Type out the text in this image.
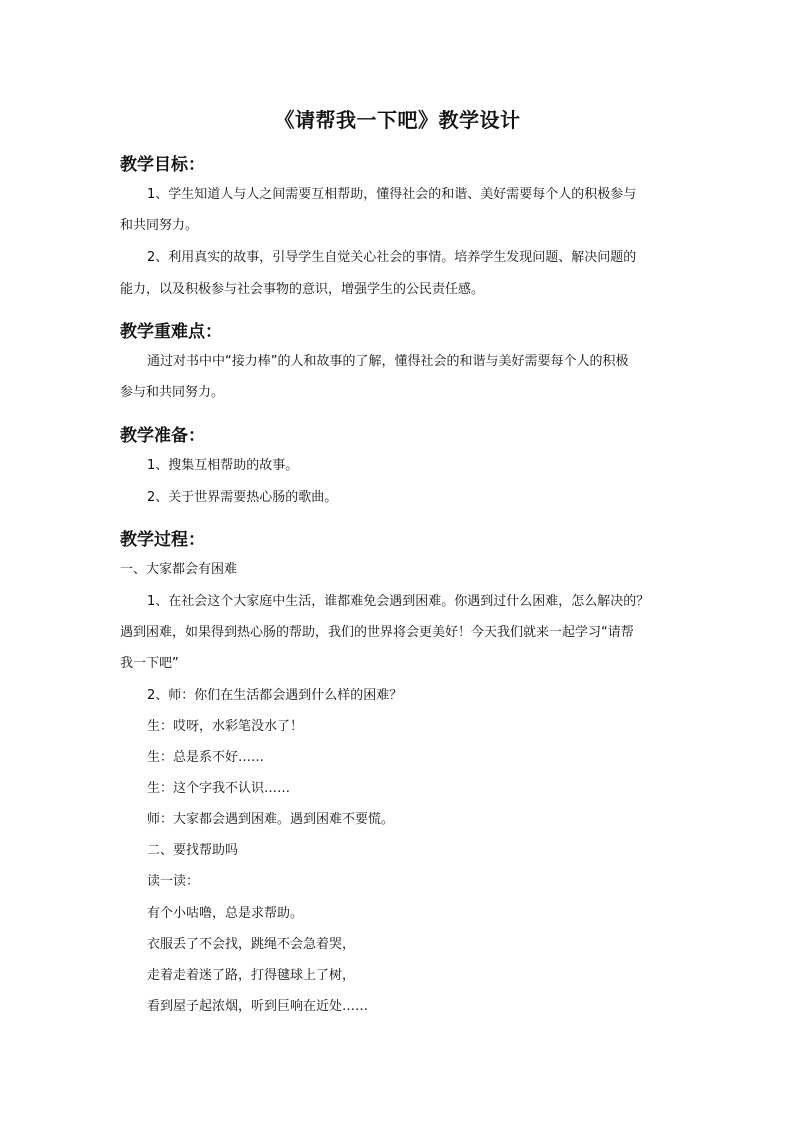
《请帮我一下吧》教学设计
教学目标：
1、学生知道人与人之间需要互相帮助，懂得社会的和谐、美好需要每个人的积极参与
和共同努力。
2、利用真实的故事，引导学生自觉关心社会的事情。培养学生发现问题、解决问题的
能力，以及积极参与社会事物的意识，增强学生的公民责任感。
教学重难点：
通过对书中中“接力棒”的人和故事的了解，懂得社会的和谐与美好需要每个人的积极
参与和共同努力。
教学准备：
1、搜集互相帮助的故事。
2、关于世界需要热心肠的歌曲。
教学过程：
一、大家都会有困难
1、在社会这个大家庭中生活，谁都难免会遇到困难。你遇到过什么困难，怎么解决的？
遇到困难，如果得到热心肠的帮助，我们的世界将会更美好！今天我们就来一起学习“请帮
我一下吧”
2、师：你们在生活都会遇到什么样的困难？
生：哎呀，水彩笔没水了！
生：总是系不好……
生：这个字我不认识……
师：大家都会遇到困难。遇到困难不要慌。
二、要找帮助吗
读一读：
有个小咕噜，总是求帮助。
衣服丢了不会找，跳绳不会急着哭，
走着走着迷了路，打得毽球上了树，
看到屋子起浓烟，听到巨响在近处……
